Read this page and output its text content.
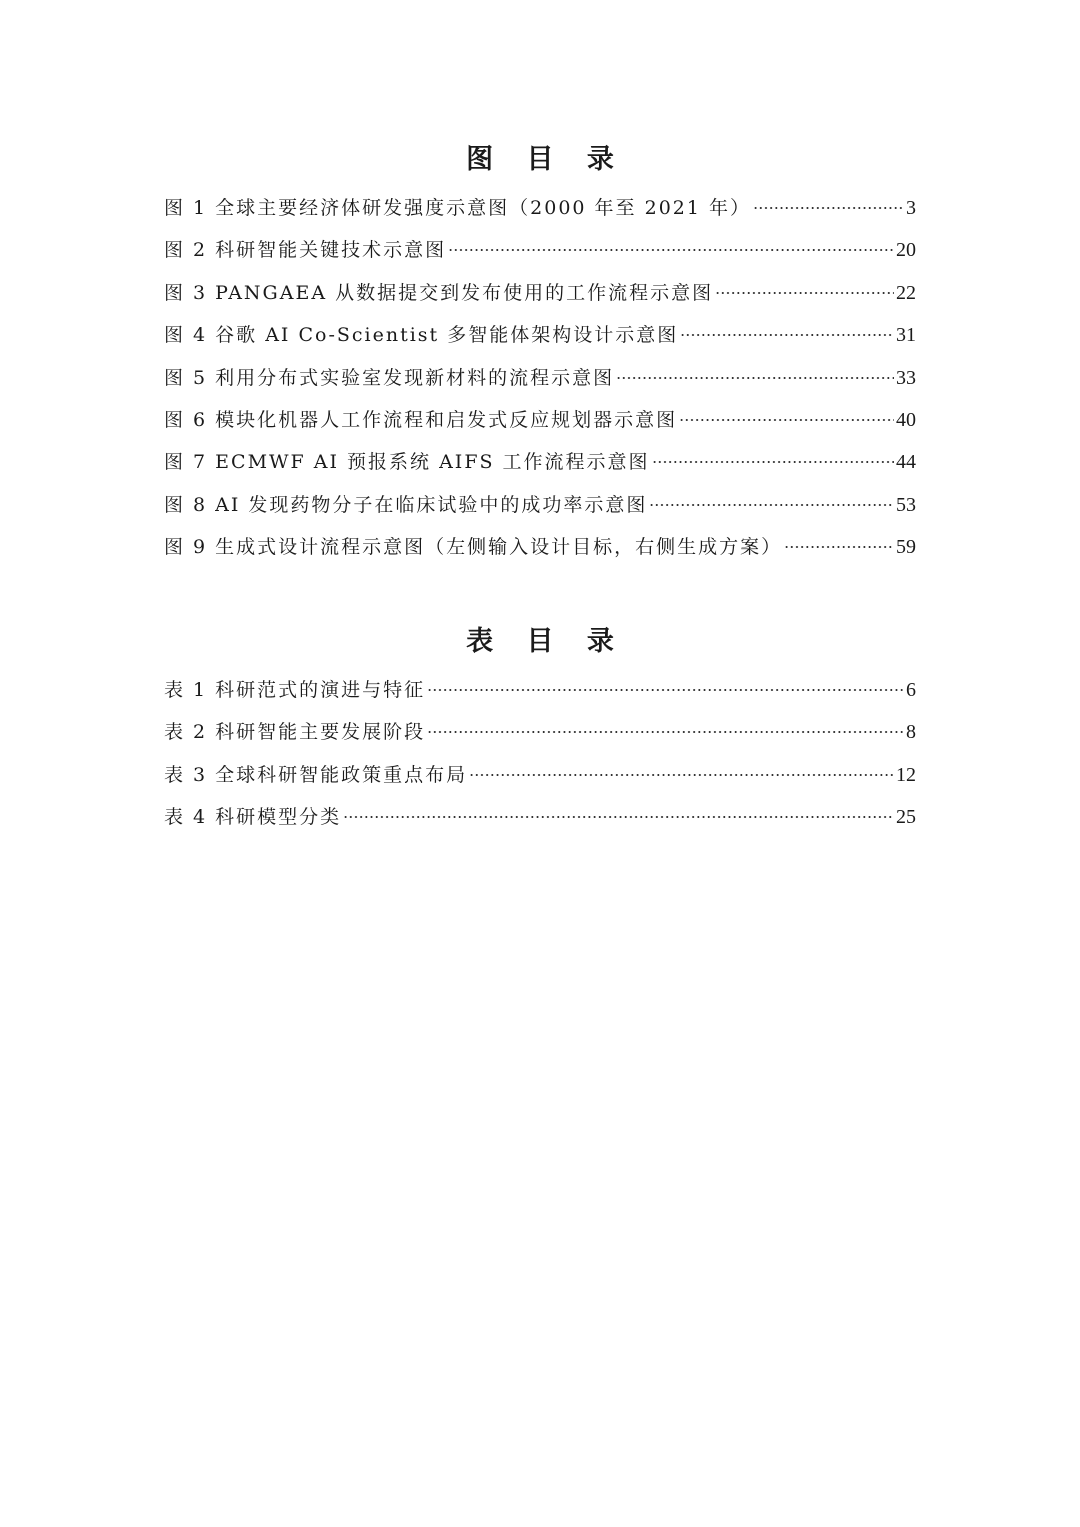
图 目 录
图 1 全球主要经济体研发强度示意图（2000 年至 2021 年）	3
图 2 科研智能关键技术示意图	20
图 3 PANGAEA 从数据提交到发布使用的工作流程示意图	22
图 4 谷歌 AI Co-Scientist 多智能体架构设计示意图	31
图 5 利用分布式实验室发现新材料的流程示意图	33
图 6 模块化机器人工作流程和启发式反应规划器示意图	40
图 7 ECMWF AI 预报系统 AIFS 工作流程示意图	44
图 8 AI 发现药物分子在临床试验中的成功率示意图	53
图 9 生成式设计流程示意图（左侧输入设计目标，右侧生成方案）	59
表 目 录
表 1 科研范式的演进与特征	6
表 2 科研智能主要发展阶段	8
表 3 全球科研智能政策重点布局	12
表 4 科研模型分类	25
